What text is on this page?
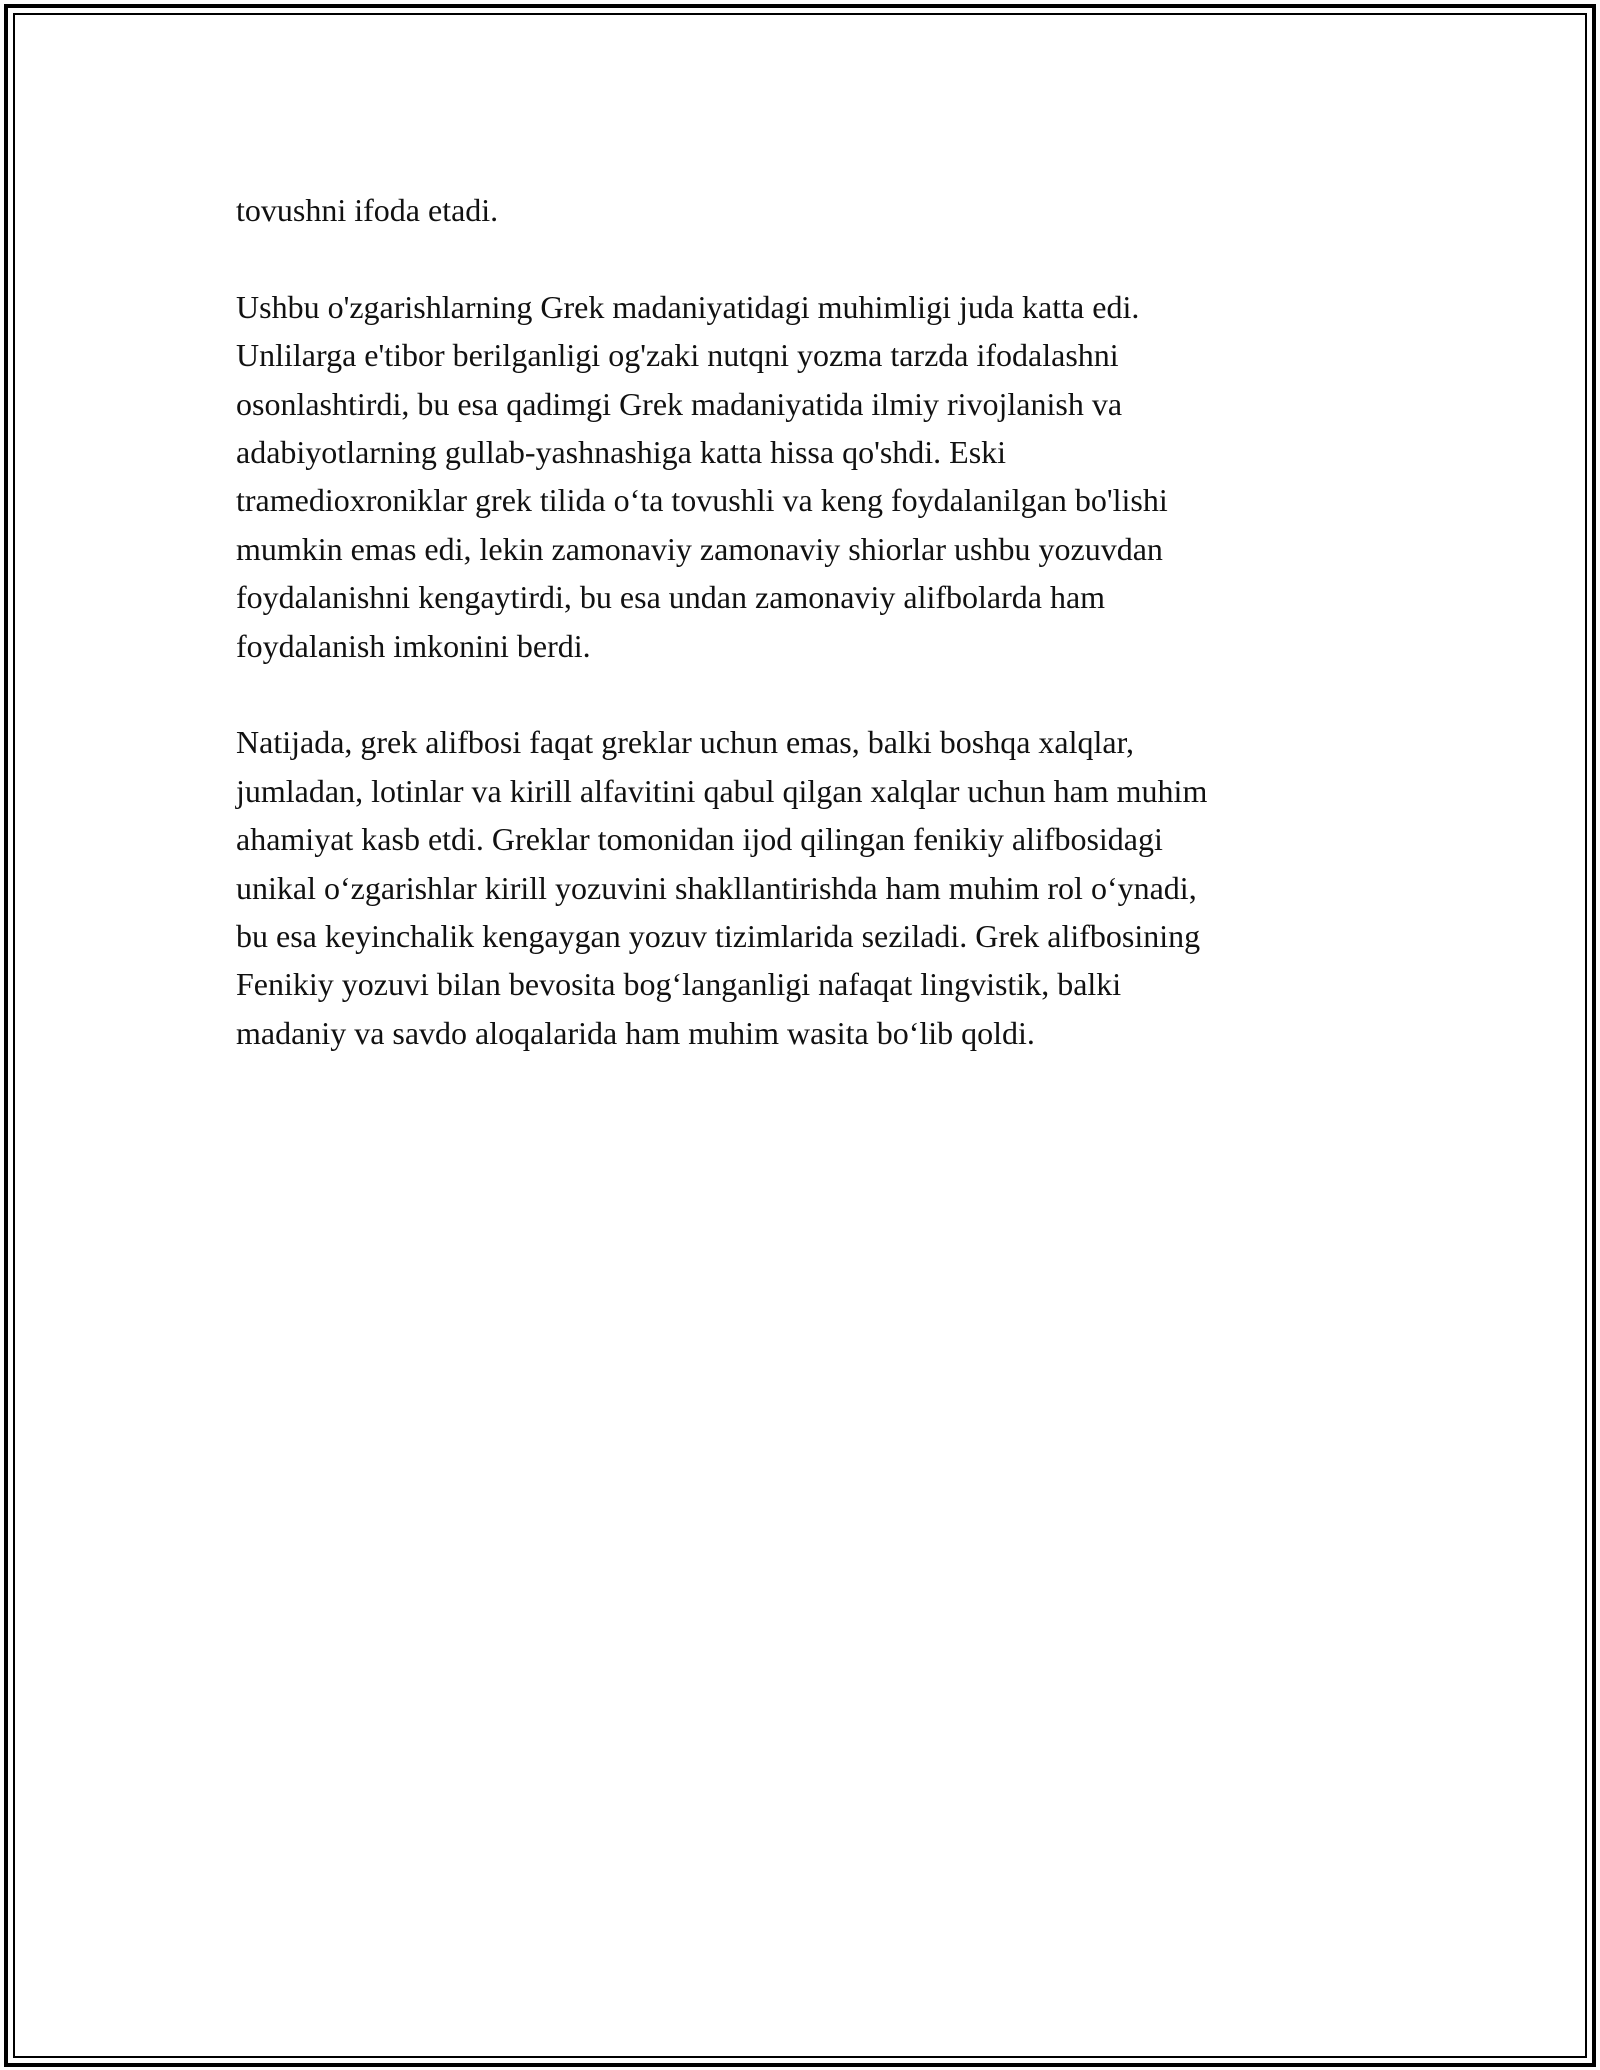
tovushni ifoda etadi.

Ushbu o'zgarishlarning Grek madaniyatidagi muhimligi juda katta edi.
Unlilarga e'tibor berilganligi og'zaki nutqni yozma tarzda ifodalashni
osonlashtirdi, bu esa qadimgi Grek madaniyatida ilmiy rivojlanish va
adabiyotlarning gullab-yashnashiga katta hissa qo'shdi. Eski
tramedioxroniklar grek tilida o‘ta tovushli va keng foydalanilgan bo'lishi
mumkin emas edi, lekin zamonaviy zamonaviy shiorlar ushbu yozuvdan
foydalanishni kengaytirdi, bu esa undan zamonaviy alifbolarda ham
foydalanish imkonini berdi.

Natijada, grek alifbosi faqat greklar uchun emas, balki boshqa xalqlar,
jumladan, lotinlar va kirill alfavitini qabul qilgan xalqlar uchun ham muhim
ahamiyat kasb etdi. Greklar tomonidan ijod qilingan fenikiy alifbosidagi
unikal o‘zgarishlar kirill yozuvini shakllantirishda ham muhim rol o‘ynadi,
bu esa keyinchalik kengaygan yozuv tizimlarida seziladi. Grek alifbosining
Fenikiy yozuvi bilan bevosita bog‘langanligi nafaqat lingvistik, balki
madaniy va savdo aloqalarida ham muhim wasita bo‘lib qoldi.
